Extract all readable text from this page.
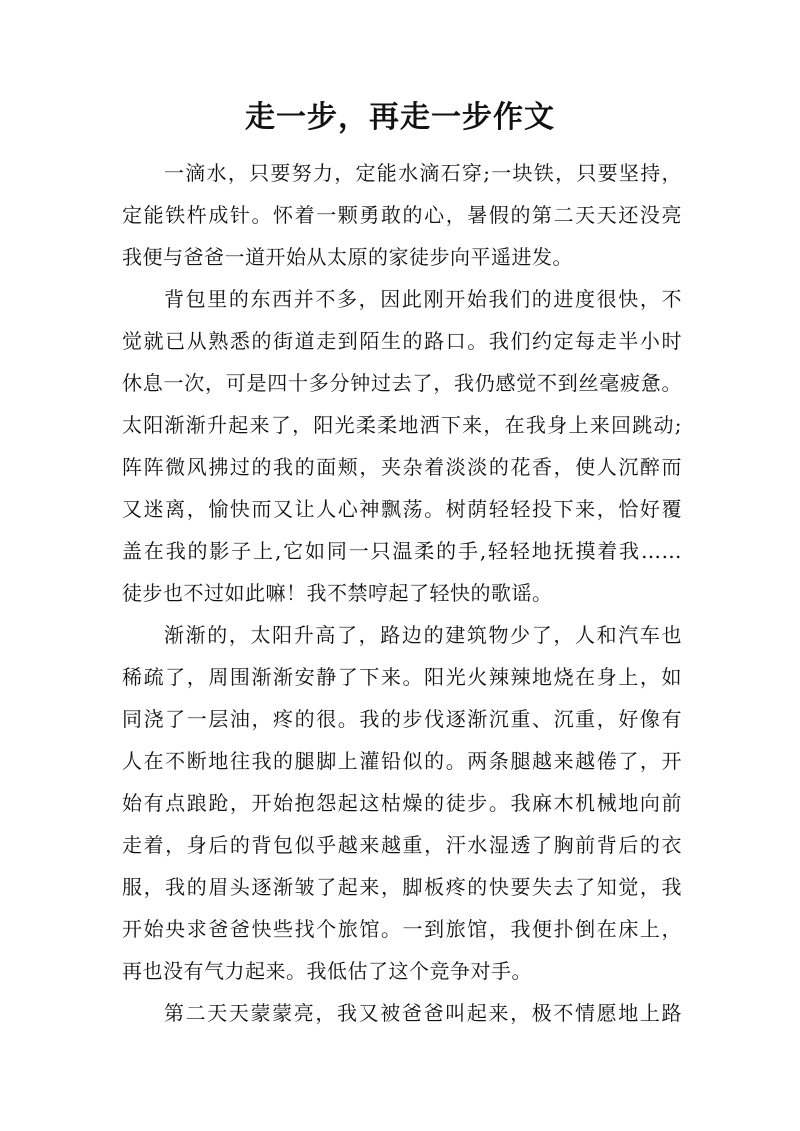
走一步，再走一步作文
一滴水，只要努力，定能水滴石穿;一块铁，只要坚持，
定能铁杵成针。怀着一颗勇敢的心，暑假的第二天天还没亮
我便与爸爸一道开始从太原的家徒步向平遥进发。
背包里的东西并不多，因此刚开始我们的进度很快，不
觉就已从熟悉的街道走到陌生的路口。我们约定每走半小时
休息一次，可是四十多分钟过去了，我仍感觉不到丝毫疲惫。
太阳渐渐升起来了，阳光柔柔地洒下来，在我身上来回跳动;
阵阵微风拂过的我的面颊，夹杂着淡淡的花香，使人沉醉而
又迷离，愉快而又让人心神飘荡。树荫轻轻投下来，恰好覆
盖在我的影子上,它如同一只温柔的手,轻轻地抚摸着我……
徒步也不过如此嘛！我不禁哼起了轻快的歌谣。
渐渐的，太阳升高了，路边的建筑物少了，人和汽车也
稀疏了，周围渐渐安静了下来。阳光火辣辣地烧在身上，如
同浇了一层油，疼的很。我的步伐逐渐沉重、沉重，好像有
人在不断地往我的腿脚上灌铅似的。两条腿越来越倦了，开
始有点踉跄，开始抱怨起这枯燥的徒步。我麻木机械地向前
走着，身后的背包似乎越来越重，汗水湿透了胸前背后的衣
服，我的眉头逐渐皱了起来，脚板疼的快要失去了知觉，我
开始央求爸爸快些找个旅馆。一到旅馆，我便扑倒在床上，
再也没有气力起来。我低估了这个竞争对手。
第二天天蒙蒙亮，我又被爸爸叫起来，极不情愿地上路
